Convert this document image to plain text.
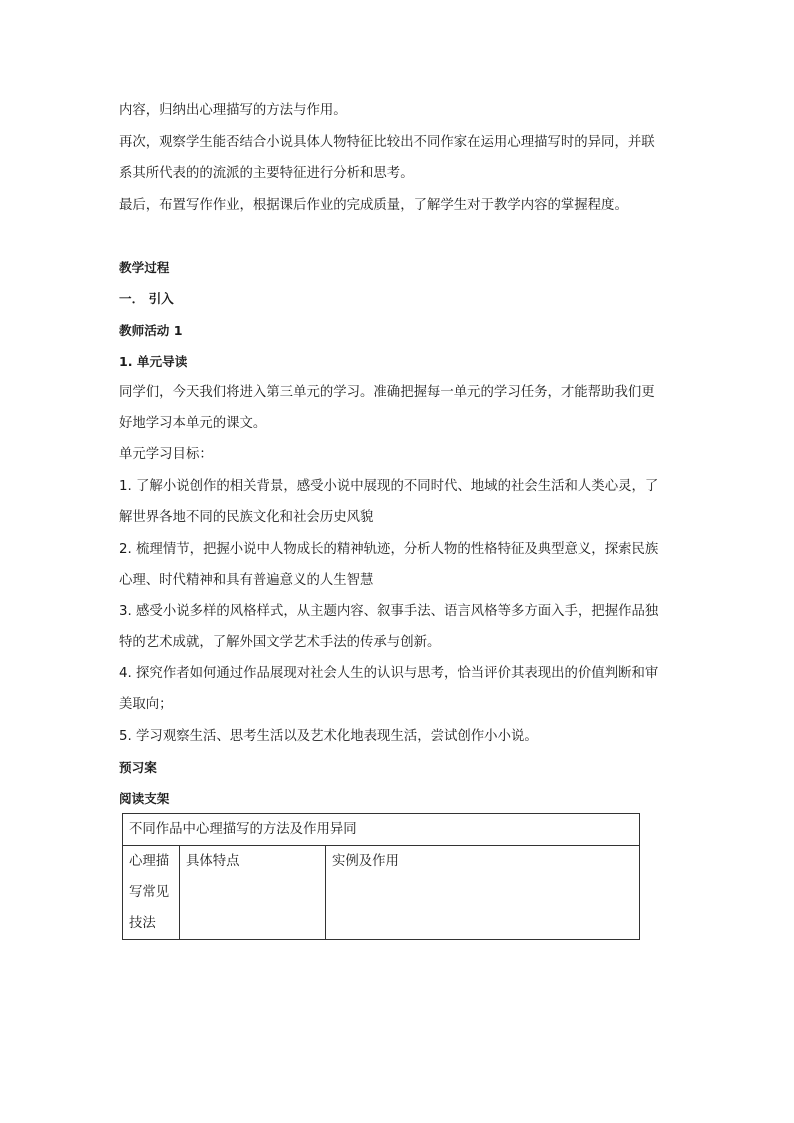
内容，归纳出心理描写的方法与作用。
再次，观察学生能否结合小说具体人物特征比较出不同作家在运用心理描写时的异同，并联
系其所代表的的流派的主要特征进行分析和思考。
最后，布置写作作业，根据课后作业的完成质量，了解学生对于教学内容的掌握程度。
教学过程
一． 引入
教师活动 1
1. 单元导读
同学们，今天我们将进入第三单元的学习。准确把握每一单元的学习任务，才能帮助我们更
好地学习本单元的课文。
单元学习目标：
1. 了解小说创作的相关背景，感受小说中展现的不同时代、地域的社会生活和人类心灵，了
解世界各地不同的民族文化和社会历史风貌
2. 梳理情节，把握小说中人物成长的精神轨迹，分析人物的性格特征及典型意义，探索民族
心理、时代精神和具有普遍意义的人生智慧
3. 感受小说多样的风格样式，从主题内容、叙事手法、语言风格等多方面入手，把握作品独
特的艺术成就，了解外国文学艺术手法的传承与创新。
4. 探究作者如何通过作品展现对社会人生的认识与思考，恰当评价其表现出的价值判断和审
美取向；
5. 学习观察生活、思考生活以及艺术化地表现生活，尝试创作小小说。
预习案
阅读支架
不同作品中心理描写的方法及作用异同
心理描写常见技法	具体特点	实例及作用
